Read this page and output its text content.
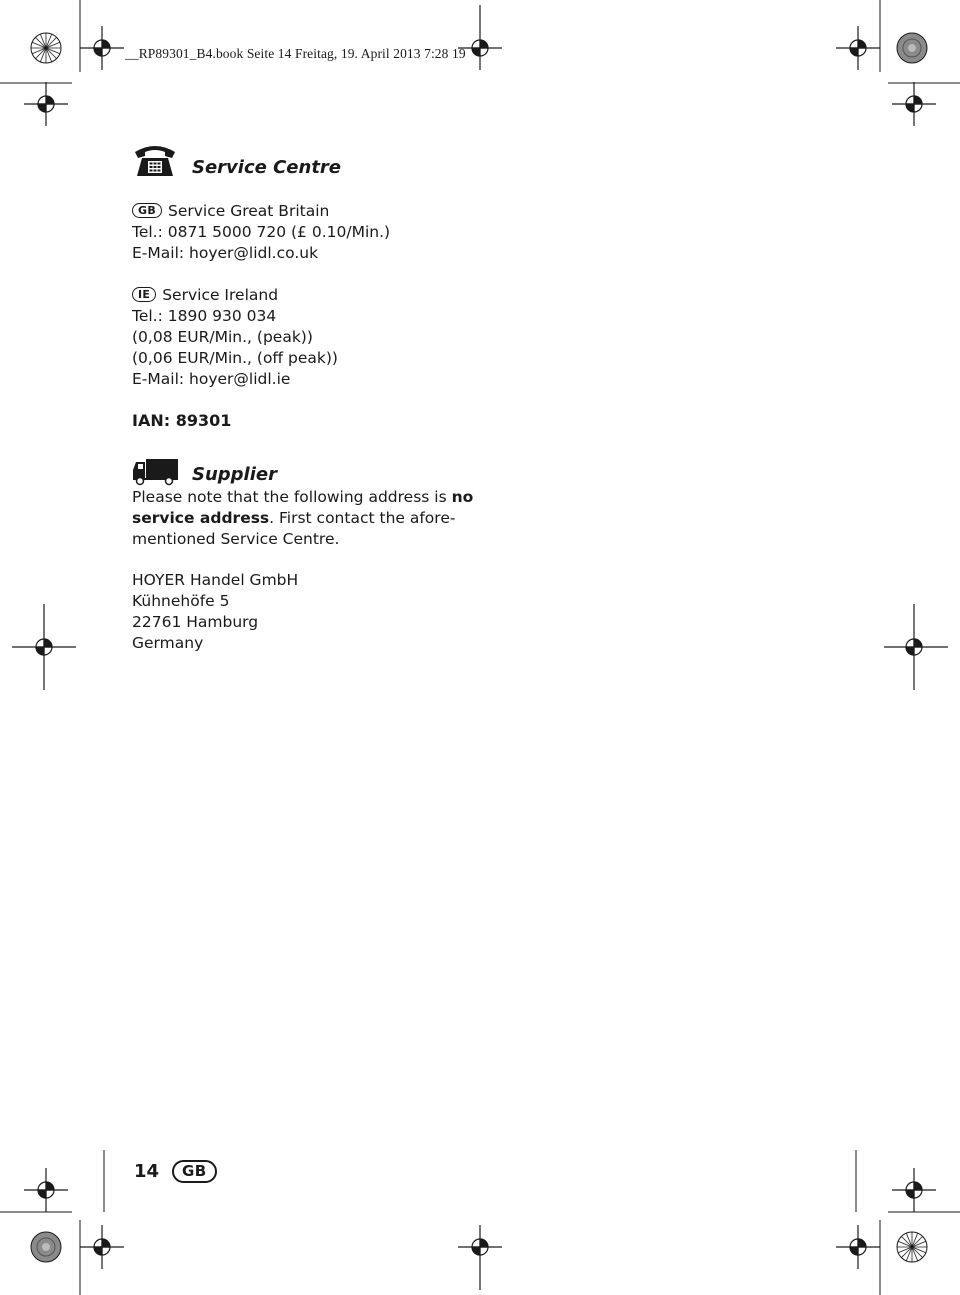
__RP89301_B4.book Seite 14 Freitag, 19. April 2013 7:28 19
Service Centre
GB Service Great Britain
Tel.: 0871 5000 720 (£ 0.10/Min.)
E-Mail: hoyer@lidl.co.uk
IE Service Ireland
Tel.: 1890 930 034
(0,08 EUR/Min., (peak))
(0,06 EUR/Min., (off peak))
E-Mail: hoyer@lidl.ie
IAN: 89301
Supplier
Please note that the following address is no
service address. First contact the afore-
mentioned Service Centre.
HOYER Handel GmbH
Kühnehöfe 5
22761 Hamburg
Germany
14	GB
